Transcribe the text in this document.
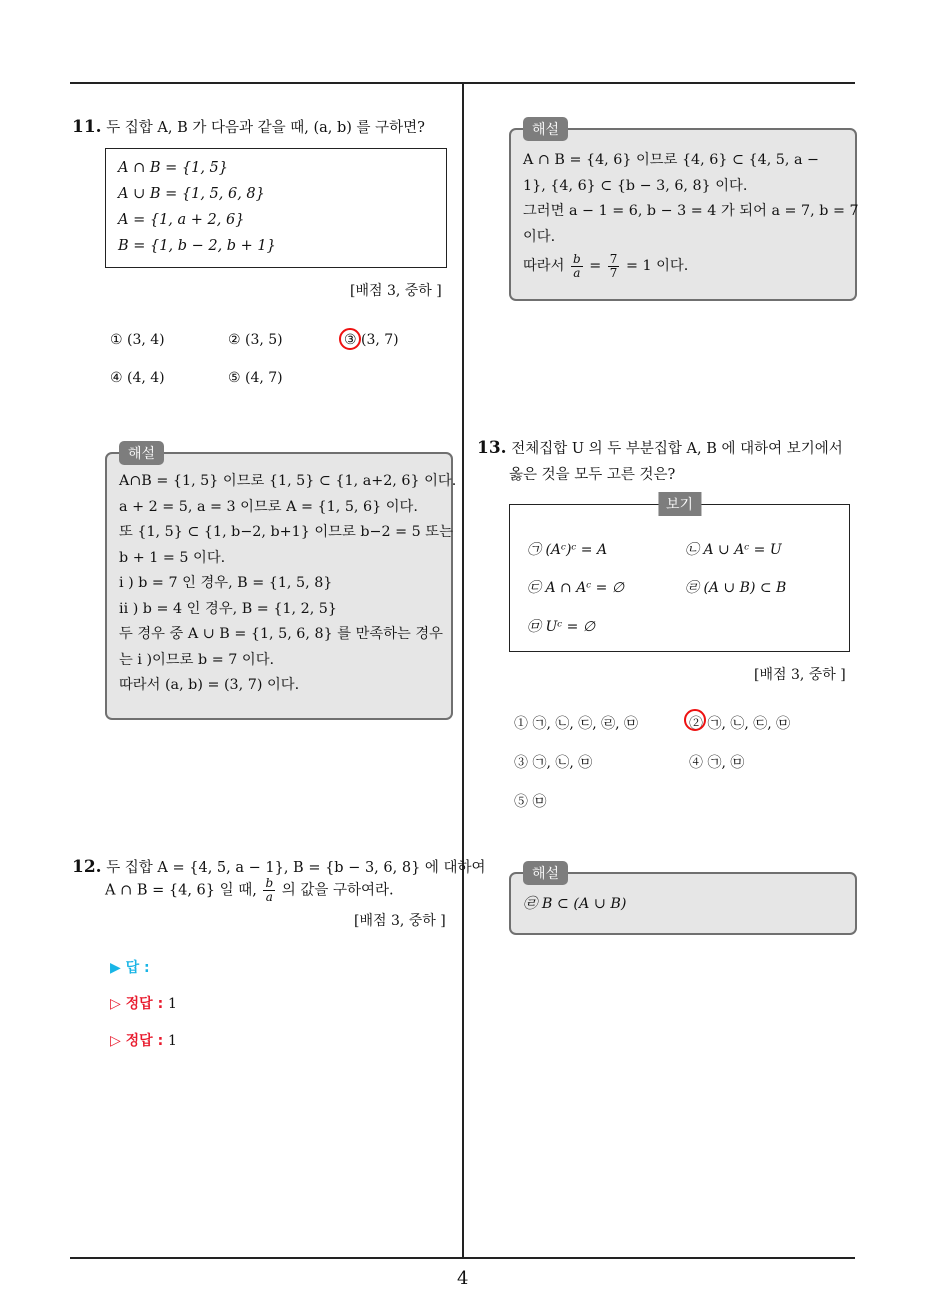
11. 두 집합 A, B 가 다음과 같을 때, (a, b) 를 구하면?
A ∩ B = {1, 5}
A ∪ B = {1, 5, 6, 8}
A = {1, a + 2, 6}
B = {1, b − 2, b + 1}
[배점 3, 중하 ]
① (3, 4)	② (3, 5)	③ (3, 7)
④ (4, 4)	⑤ (4, 7)
해설
A∩B = {1, 5} 이므로 {1, 5} ⊂ {1, a+2, 6} 이다.
a + 2 = 5, a = 3 이므로 A = {1, 5, 6} 이다.
또 {1, 5} ⊂ {1, b−2, b+1} 이므로 b−2 = 5 또는
b + 1 = 5 이다.
i ) b = 7 인 경우, B = {1, 5, 8}
ii ) b = 4 인 경우, B = {1, 2, 5}
두 경우 중 A ∪ B = {1, 5, 6, 8} 를 만족하는 경우
는 i )이므로 b = 7 이다.
따라서 (a, b) = (3, 7) 이다.
12. 두 집합 A = {4, 5, a − 1}, B = {b − 3, 6, 8} 에 대하여
A ∩ B = {4, 6} 일 때, $\frac{b}{a}$ 의 값을 구하여라.
[배점 3, 중하 ]
▶ 답 :
▷ 정답 : 1
▷ 정답 : 1
해설
A ∩ B = {4, 6} 이므로 {4, 6} ⊂ {4, 5, a −
1}, {4, 6} ⊂ {b − 3, 6, 8} 이다.
그러면 a − 1 = 6, b − 3 = 4 가 되어 a = 7, b = 7
이다.
따라서 $\frac{b}{a} = \frac{7}{7} = 1$ 이다.
13. 전체집합 U 의 두 부분집합 A, B 에 대하여 보기에서
옳은 것을 모두 고른 것은?
보기
㉠ (Aᶜ)ᶜ = A	㉡ A ∪ Aᶜ = U
㉢ A ∩ Aᶜ = ∅	㉣ (A ∪ B) ⊂ B
㉤ Uᶜ = ∅
[배점 3, 중하 ]
① ㉠, ㉡, ㉢, ㉣, ㉤	② ㉠, ㉡, ㉢, ㉤
③ ㉠, ㉡, ㉤	④ ㉠, ㉤
⑤ ㉤
해설
㉣ B ⊂ (A ∪ B)
4
